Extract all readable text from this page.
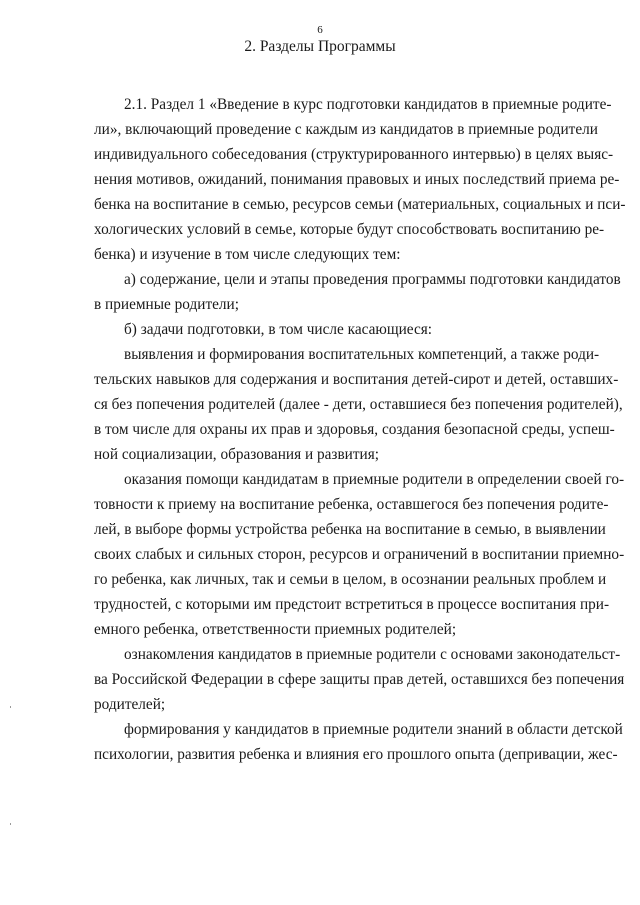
6
2. Разделы Программы

2.1. Раздел 1 «Введение в курс подготовки кандидатов в приемные родите-
ли», включающий проведение с каждым из кандидатов в приемные родители
индивидуального собеседования (структурированного интервью) в целях выяс-
нения мотивов, ожиданий, понимания правовых и иных последствий приема ре-
бенка на воспитание в семью, ресурсов семьи (материальных, социальных и пси-
хологических условий в семье, которые будут способствовать воспитанию ре-
бенка) и изучение в том числе следующих тем:

а) содержание, цели и этапы проведения программы подготовки кандидатов
в приемные родители;

б) задачи подготовки, в том числе касающиеся:

выявления и формирования воспитательных компетенций, а также роди-
тельских навыков для содержания и воспитания детей-сирот и детей, оставших-
ся без попечения родителей (далее - дети, оставшиеся без попечения родителей),
в том числе для охраны их прав и здоровья, создания безопасной среды, успеш-
ной социализации, образования и развития;

оказания помощи кандидатам в приемные родители в определении своей го-
товности к приему на воспитание ребенка, оставшегося без попечения родите-
лей, в выборе формы устройства ребенка на воспитание в семью, в выявлении
своих слабых и сильных сторон, ресурсов и ограничений в воспитании приемно-
го ребенка, как личных, так и семьи в целом, в осознании реальных проблем и
трудностей, с которыми им предстоит встретиться в процессе воспитания при-
емного ребенка, ответственности приемных родителей;

ознакомления кандидатов в приемные родители с основами законодательст-
ва Российской Федерации в сфере защиты прав детей, оставшихся без попечения
родителей;

формирования у кандидатов в приемные родители знаний в области детской
психологии, развития ребенка и влияния его прошлого опыта (депривации, жес-
